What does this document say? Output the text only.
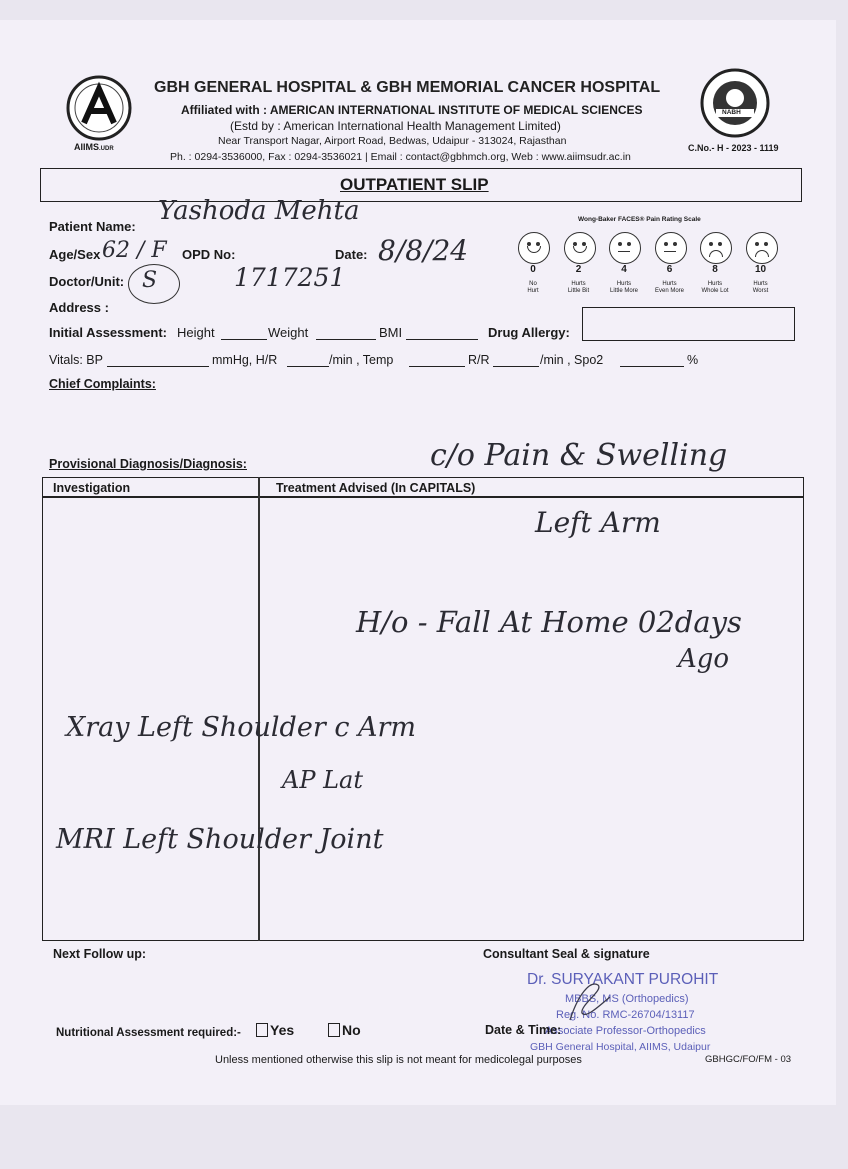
AIIMS.UDR
GBH GENERAL HOSPITAL & GBH MEMORIAL CANCER HOSPITAL
Affiliated with : AMERICAN INTERNATIONAL INSTITUTE OF MEDICAL SCIENCES
(Estd by : American International Health Management Limited)
Near Transport Nagar, Airport Road, Bedwas, Udaipur - 313024, Rajasthan
Ph. : 0294-3536000, Fax : 0294-3536021 | Email : contact@gbhmch.org, Web : www.aiimsudr.ac.in
NABH
C.No.- H - 2023 - 1119
OUTPATIENT SLIP
Patient Name:
Yashoda Mehta
Age/Sex 62 / F OPD No:	Date: 8/8/24
Doctor/Unit: S	1717251
Address :
Wong-Baker FACES® Pain Rating Scale
0
No
Hurt
2
Hurts
Little Bit
4
Hurts
Little More
6
Hurts
Even More
8
Hurts
Whole Lot
10
Hurts
Worst
Initial Assessment: Height	Weight	BMI	Drug Allergy:
Vitals: BP	mmHg, H/R	/min , Temp	R/R	/min , Spo2	%
Chief Complaints:
c/o Pain & Swelling
Provisional Diagnosis/Diagnosis:
Investigation	Treatment Advised (In CAPITALS)
Left Arm
H/o - Fall At Home 02days
Ago
Xray Left Shoulder c Arm
AP Lat
MRI Left Shoulder Joint
Next Follow up:	Consultant Seal & signature
Dr. SURYAKANT PUROHIT
MBBS, MS (Orthopedics)
Reg. No. RMC-26704/13117
Associate Professor-Orthopedics
GBH General Hospital, AIIMS, Udaipur
Nutritional Assessment required:- Yes	No	Date & Time:
Unless mentioned otherwise this slip is not meant for medicolegal purposes	GBHGC/FO/FM - 03
